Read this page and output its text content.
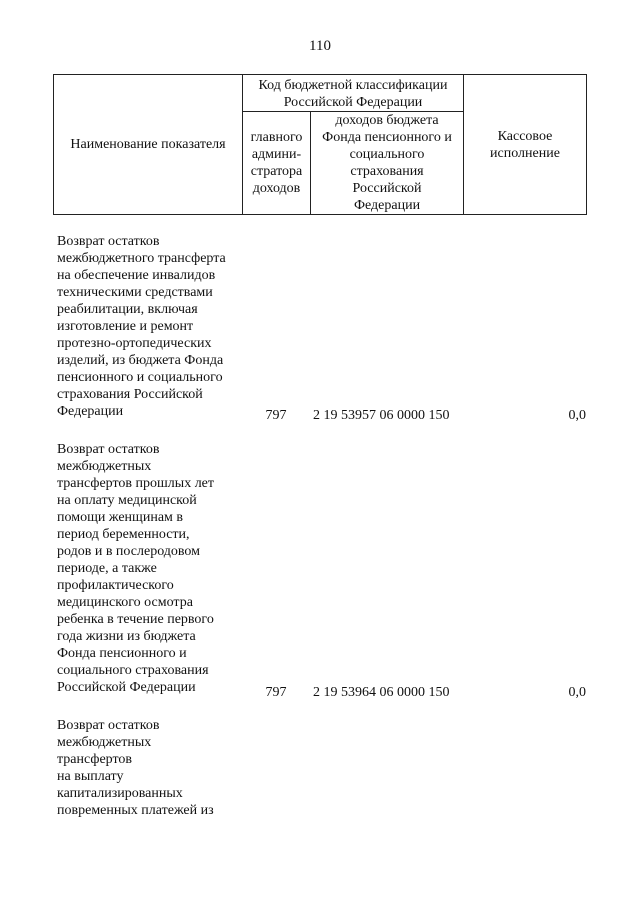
110
Наименование показателя
Код бюджетной классификации Российской Федерации
главного админи-
стратора доходов
доходов бюджета Фонда пенсионного и социального страхования Российской Федерации
Кассовое исполнение
Возврат остатков
межбюджетного трансферта
на обеспечение инвалидов
техническими средствами
реабилитации, включая
изготовление и ремонт
протезно-ортопедических
изделий, из бюджета Фонда
пенсионного и социального
страхования Российской
Федерации	797	2 19 53957 06 0000 150	0,0
Возврат остатков
межбюджетных
трансфертов прошлых лет
на оплату медицинской
помощи женщинам в
период беременности,
родов и в послеродовом
периоде, а также
профилактического
медицинского осмотра
ребенка в течение первого
года жизни из бюджета
Фонда пенсионного и
социального страхования
Российской Федерации	797	2 19 53964 06 0000 150	0,0
Возврат остатков
межбюджетных
трансфертов
на выплату
капитализированных
повременных платежей из
